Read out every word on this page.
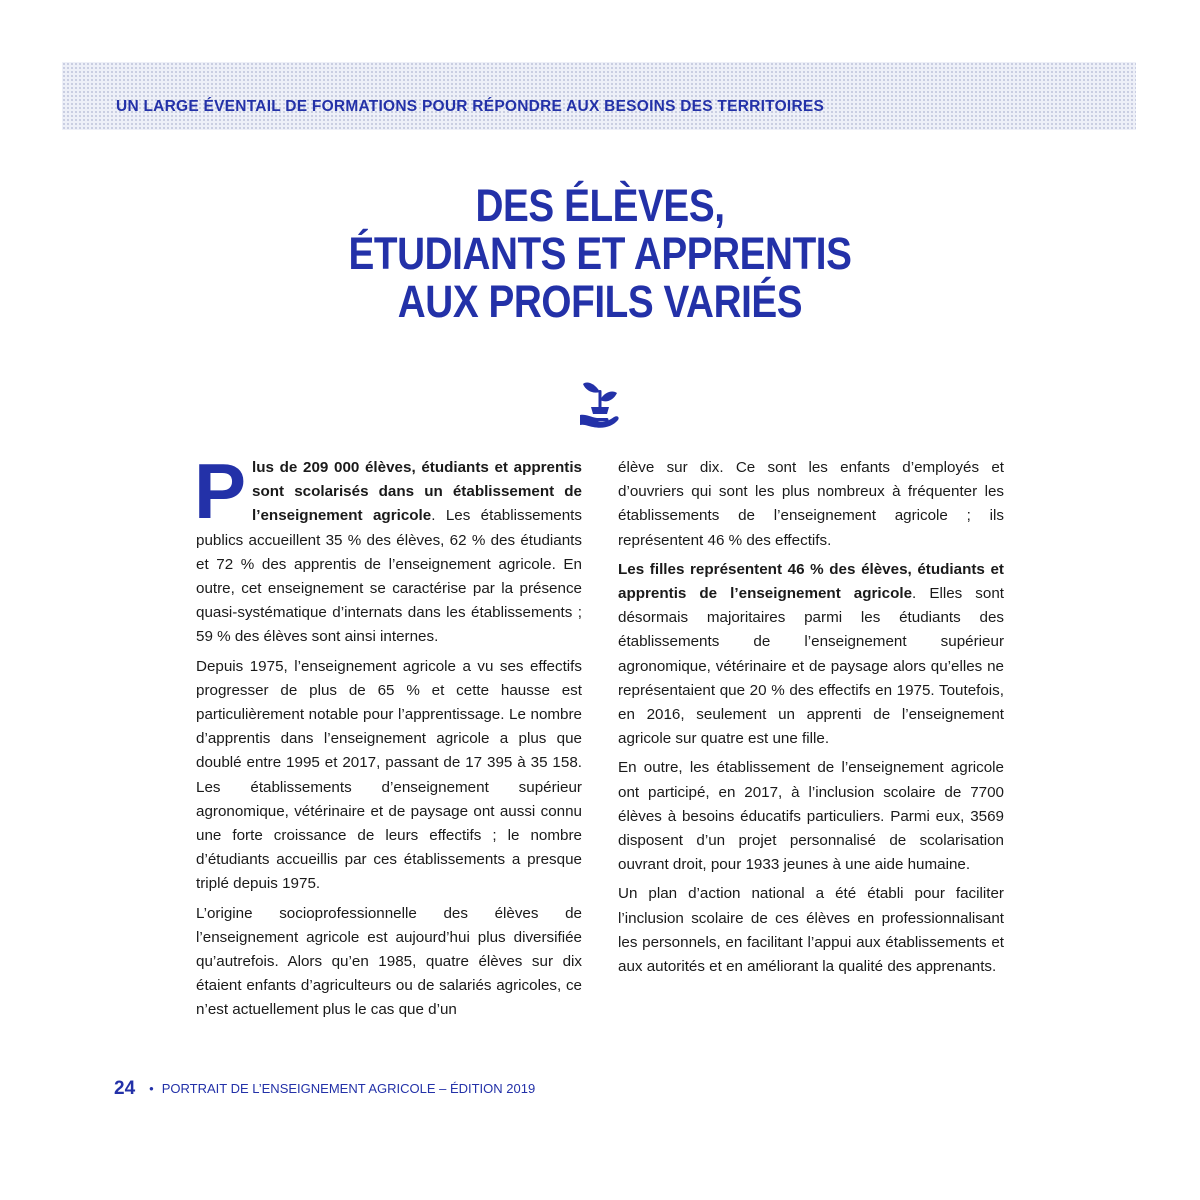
UN LARGE ÉVENTAIL DE FORMATIONS POUR RÉPONDRE AUX BESOINS DES TERRITOIRES
DES ÉLÈVES,
ÉTUDIANTS ET APPRENTIS
AUX PROFILS VARIÉS

Plus de 209 000 élèves, étudiants et apprentis sont scolarisés dans un établissement de l’enseignement agricole. Les établissements publics accueillent 35 % des élèves, 62 % des étudiants et 72 % des apprentis de l’enseignement agricole. En outre, cet enseignement se caractérise par la présence quasi-systématique d’internats dans les établissements ; 59 % des élèves sont ainsi internes.

Depuis 1975, l’enseignement agricole a vu ses effectifs progresser de plus de 65 % et cette hausse est particulièrement notable pour l’apprentissage. Le nombre d’apprentis dans l’enseignement agricole a plus que doublé entre 1995 et 2017, passant de 17 395 à 35 158. Les établissements d’enseignement supérieur agronomique, vétérinaire et de paysage ont aussi connu une forte croissance de leurs effectifs ; le nombre d’étudiants accueillis par ces établissements a presque triplé depuis 1975.

L’origine socioprofessionnelle des élèves de l’enseignement agricole est aujourd’hui plus diversifiée qu’autrefois. Alors qu’en 1985, quatre élèves sur dix étaient enfants d’agriculteurs ou de salariés agricoles, ce n’est actuellement plus le cas que d’un

élève sur dix. Ce sont les enfants d’employés et d’ouvriers qui sont les plus nombreux à fréquenter les établissements de l’enseignement agricole ; ils représentent 46 % des effectifs.

Les filles représentent 46 % des élèves, étudiants et apprentis de l’enseignement agricole. Elles sont désormais majoritaires parmi les étudiants des établissements de l’enseignement supérieur agronomique, vétérinaire et de paysage alors qu’elles ne représentaient que 20 % des effectifs en 1975. Toutefois, en 2016, seulement un apprenti de l’enseignement agricole sur quatre est une fille.

En outre, les établissement de l’enseignement agricole ont participé, en 2017, à l’inclusion scolaire de 7700 élèves à besoins éducatifs particuliers. Parmi eux, 3569 disposent d’un projet personnalisé de scolarisation ouvrant droit, pour 1933 jeunes à une aide humaine.

Un plan d’action national a été établi pour faciliter l’inclusion scolaire de ces élèves en professionnalisant les personnels, en facilitant l’appui aux établissements et aux autorités et en améliorant la qualité des apprenants.

24 • PORTRAIT DE L’ENSEIGNEMENT AGRICOLE – ÉDITION 2019
